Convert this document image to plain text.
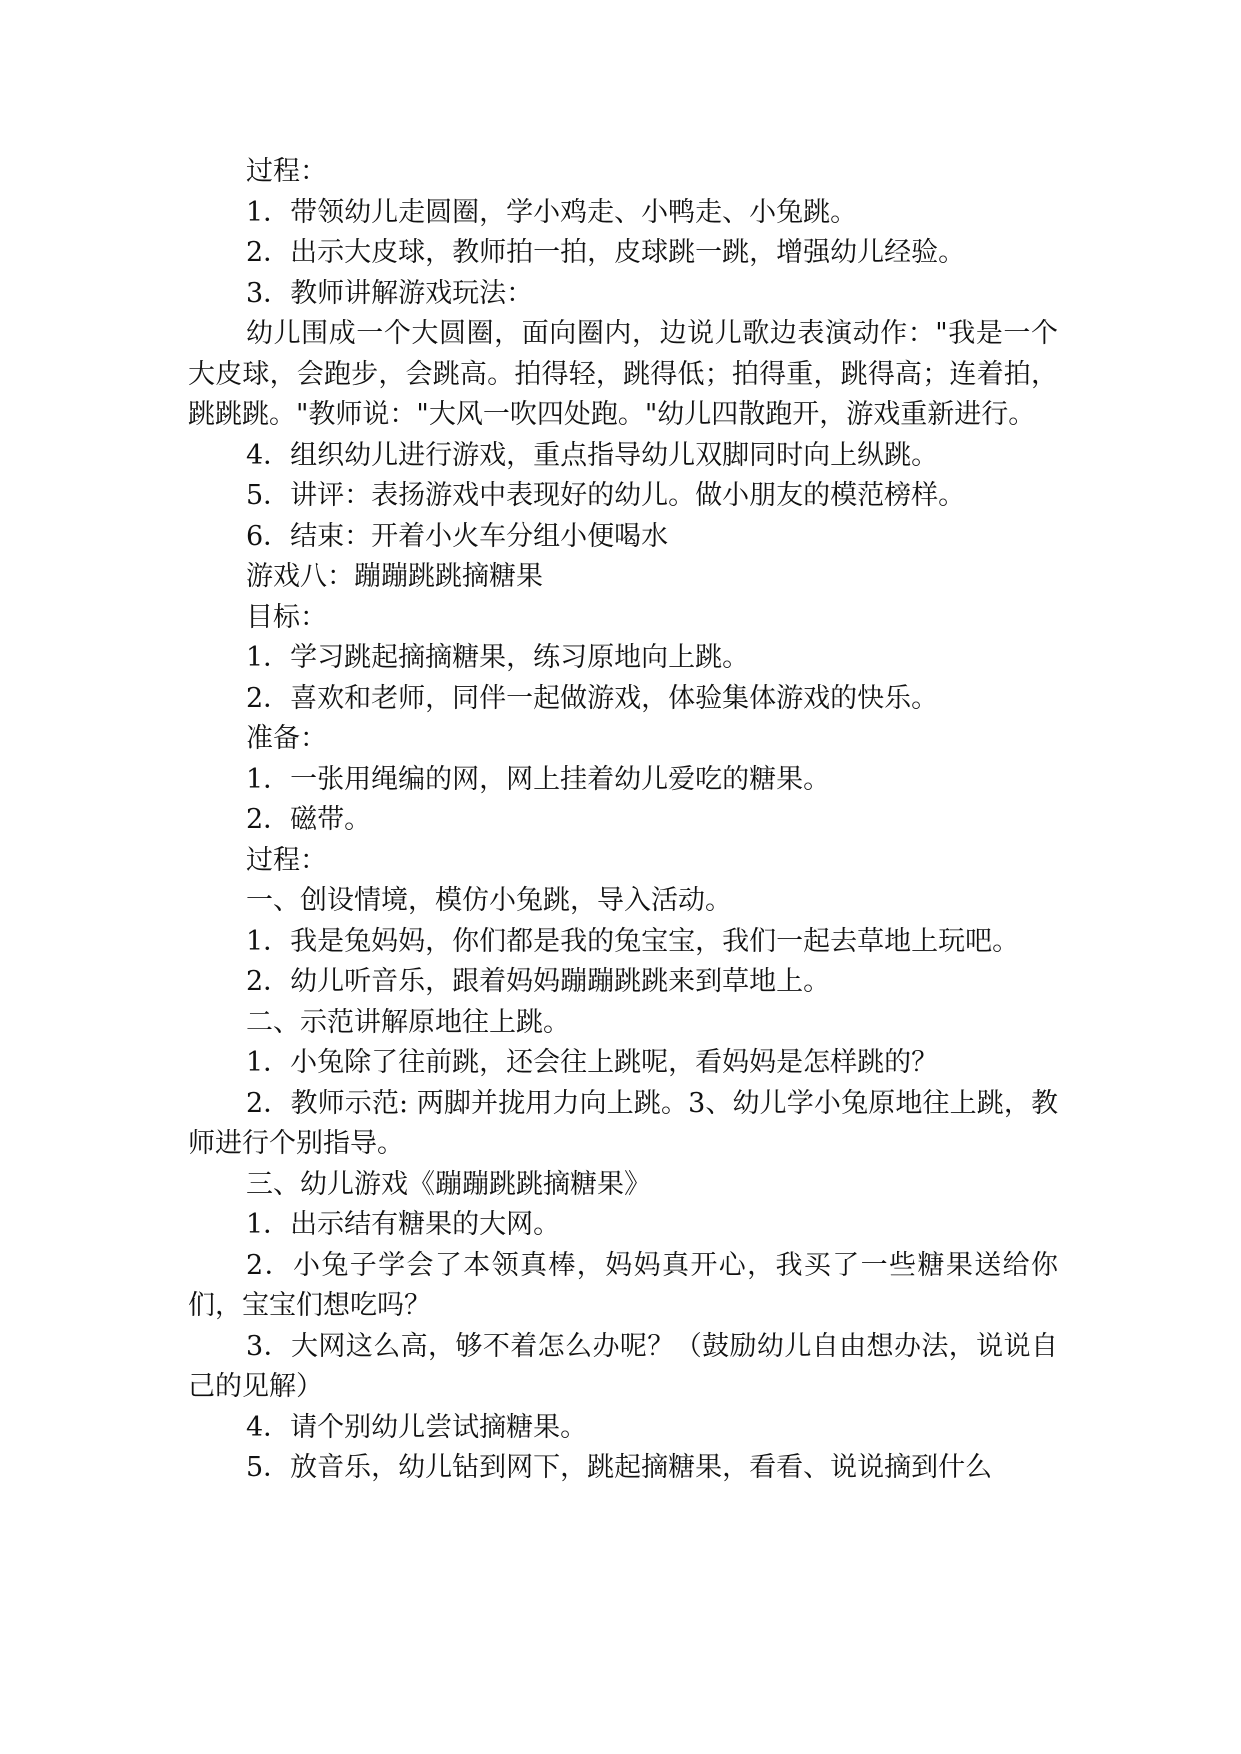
过程：

1．带领幼儿走圆圈，学小鸡走、小鸭走、小兔跳。

2．出示大皮球，教师拍一拍，皮球跳一跳，增强幼儿经验。

3．教师讲解游戏玩法：

幼儿围成一个大圆圈，面向圈内，边说儿歌边表演动作："我是一个大皮球，会跑步，会跳高。拍得轻，跳得低；拍得重，跳得高；连着拍，跳跳跳。"教师说："大风一吹四处跑。"幼儿四散跑开，游戏重新进行。

4．组织幼儿进行游戏，重点指导幼儿双脚同时向上纵跳。

5．讲评：表扬游戏中表现好的幼儿。做小朋友的模范榜样。

6．结束：开着小火车分组小便喝水

游戏八：蹦蹦跳跳摘糖果

目标：

1．学习跳起摘摘糖果，练习原地向上跳。

2．喜欢和老师，同伴一起做游戏，体验集体游戏的快乐。

准备：

1．一张用绳编的网，网上挂着幼儿爱吃的糖果。

2．磁带。

过程：

一、创设情境，模仿小兔跳，导入活动。

1．我是兔妈妈，你们都是我的兔宝宝，我们一起去草地上玩吧。

2．幼儿听音乐，跟着妈妈蹦蹦跳跳来到草地上。

二、示范讲解原地往上跳。

1．小兔除了往前跳，还会往上跳呢，看妈妈是怎样跳的？

2．教师示范: 两脚并拢用力向上跳。3、幼儿学小兔原地往上跳，教师进行个别指导。

三、幼儿游戏《蹦蹦跳跳摘糖果》

1．出示结有糖果的大网。

2．小兔子学会了本领真棒，妈妈真开心，我买了一些糖果送给你们，宝宝们想吃吗？

3．大网这么高，够不着怎么办呢？（鼓励幼儿自由想办法，说说自己的见解）

4．请个别幼儿尝试摘糖果。

5．放音乐，幼儿钻到网下，跳起摘糖果，看看、说说摘到什么
